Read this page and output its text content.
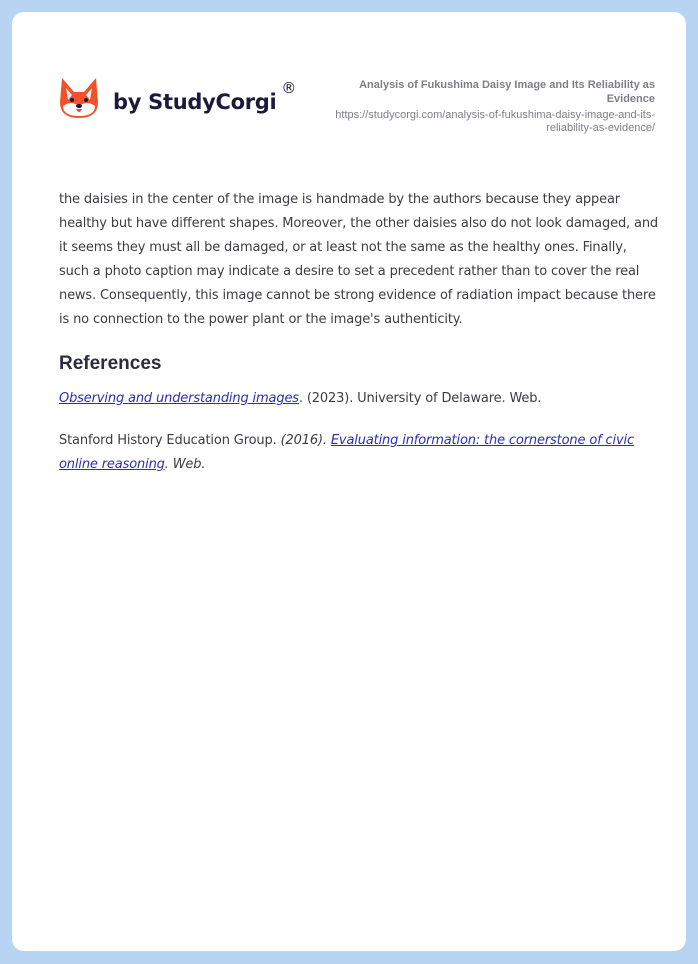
by StudyCorgi
®	Analysis of Fukushima Daisy Image and Its Reliability as Evidence
https://studycorgi.com/analysis-of-fukushima-daisy-image-and-its-reliability-as-evidence/

the daisies in the center of the image is handmade by the authors because they appear healthy but have different shapes. Moreover, the other daisies also do not look damaged, and it seems they must all be damaged, or at least not the same as the healthy ones. Finally, such a photo caption may indicate a desire to set a precedent rather than to cover the real news. Consequently, this image cannot be strong evidence of radiation impact because there is no connection to the power plant or the image's authenticity.

References

Observing and understanding images. (2023). University of Delaware. Web.

Stanford History Education Group. (2016). Evaluating information: the cornerstone of civic online reasoning. Web.
